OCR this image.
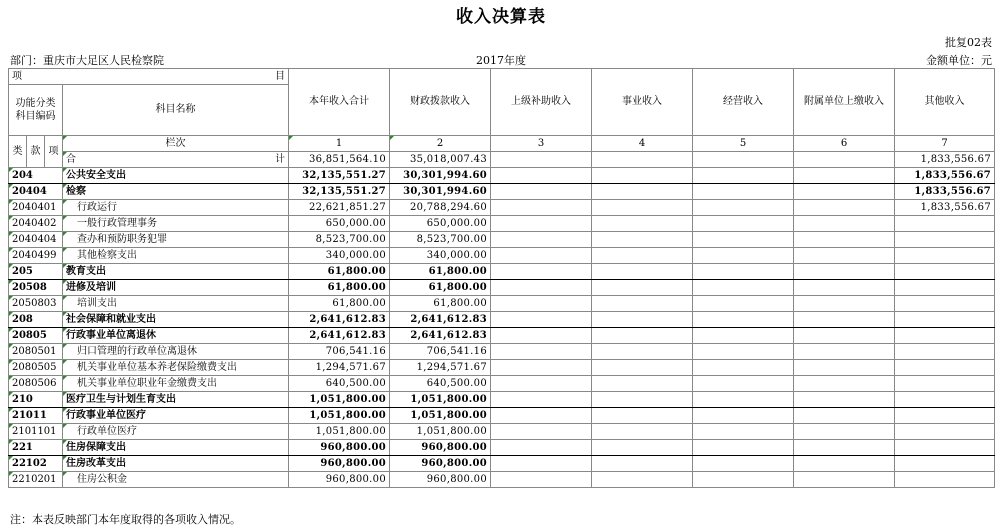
收入决算表
批复02表
部门：重庆市大足区人民检察院	2017年度	金额单位：元
项 目				本年收入合计	财政拨款收入	上级补助收入	事业收入	经营收入	附属单位上缴收入	其他收入
功能分类科目编码			科目名称							

类	款	项	栏次	1	2	3	4	5	6	7

			合 计	36,851,564.10	35,018,007.43					1,833,556.67
204			公共安全支出	32,135,551.27	30,301,994.60					1,833,556.67
20404			检察	32,135,551.27	30,301,994.60					1,833,556.67
2040401			行政运行	22,621,851.27	20,788,294.60					1,833,556.67
2040402			一般行政管理事务	650,000.00	650,000.00					
2040404			查办和预防职务犯罪	8,523,700.00	8,523,700.00					
2040499			其他检察支出	340,000.00	340,000.00					
205			教育支出	61,800.00	61,800.00					
20508			进修及培训	61,800.00	61,800.00					
2050803			培训支出	61,800.00	61,800.00					
208			社会保障和就业支出	2,641,612.83	2,641,612.83					
20805			行政事业单位离退休	2,641,612.83	2,641,612.83					
2080501			归口管理的行政单位离退休	706,541.16	706,541.16					
2080505			机关事业单位基本养老保险缴费支出	1,294,571.67	1,294,571.67					
2080506			机关事业单位职业年金缴费支出	640,500.00	640,500.00					
210			医疗卫生与计划生育支出	1,051,800.00	1,051,800.00					
21011			行政事业单位医疗	1,051,800.00	1,051,800.00					
2101101			行政单位医疗	1,051,800.00	1,051,800.00					
221			住房保障支出	960,800.00	960,800.00					
22102			住房改革支出	960,800.00	960,800.00					
2210201			住房公积金	960,800.00	960,800.00					
注：本表反映部门本年度取得的各项收入情况。
